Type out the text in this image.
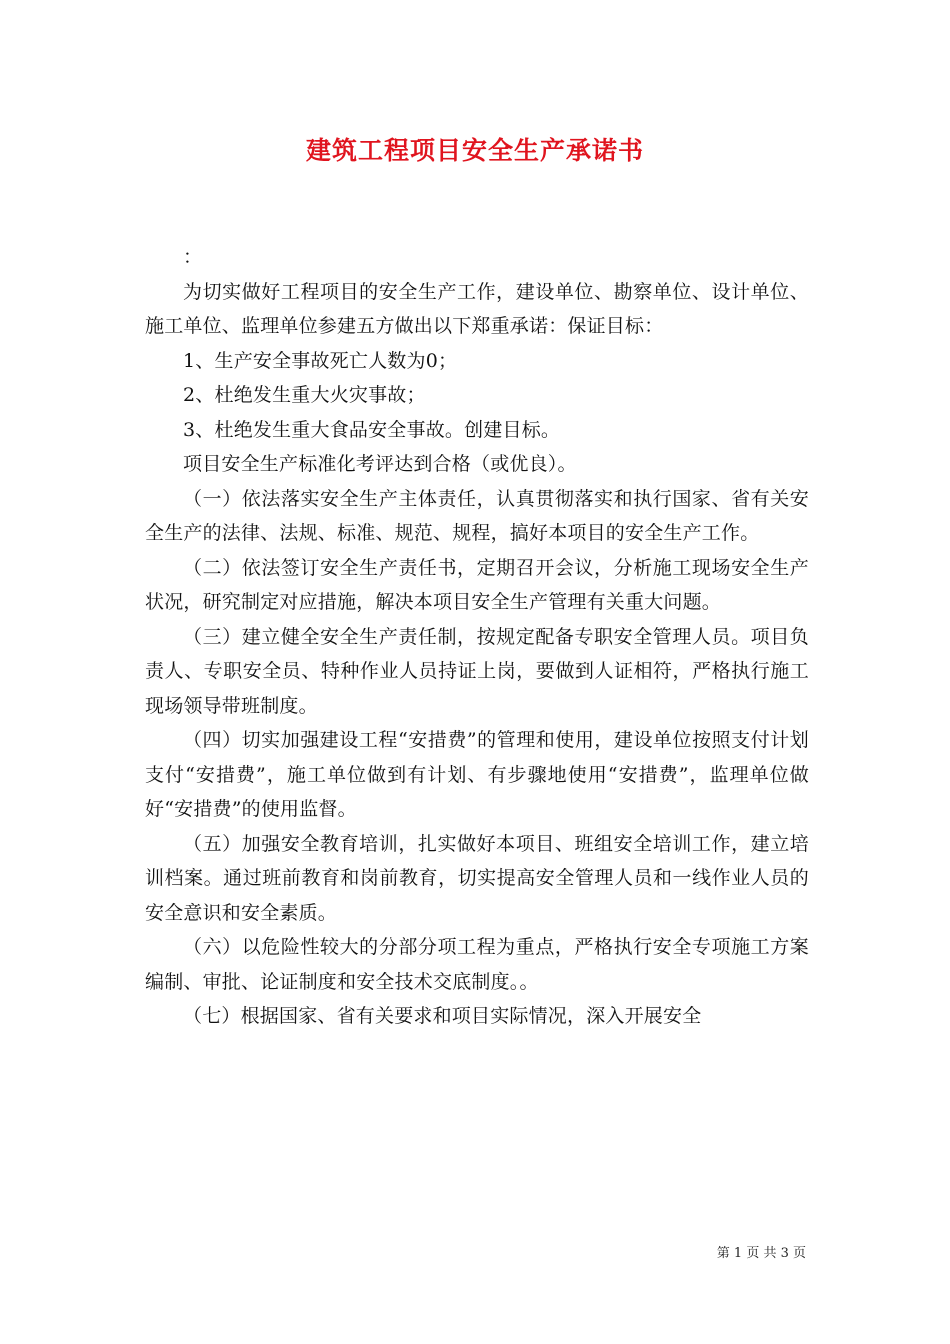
建筑工程项目安全生产承诺书

：

为切实做好工程项目的安全生产工作，建设单位、勘察单位、设计单位、施工单位、监理单位参建五方做出以下郑重承诺：保证目标：

1、生产安全事故死亡人数为0；

2、杜绝发生重大火灾事故；

3、杜绝发生重大食品安全事故。创建目标。

项目安全生产标准化考评达到合格（或优良）。

（一）依法落实安全生产主体责任，认真贯彻落实和执行国家、省有关安全生产的法律、法规、标准、规范、规程，搞好本项目的安全生产工作。

（二）依法签订安全生产责任书，定期召开会议，分析施工现场安全生产状况，研究制定对应措施，解决本项目安全生产管理有关重大问题。

（三）建立健全安全生产责任制，按规定配备专职安全管理人员。项目负责人、专职安全员、特种作业人员持证上岗，要做到人证相符，严格执行施工现场领导带班制度。

（四）切实加强建设工程“安措费”的管理和使用，建设单位按照支付计划支付“安措费”，施工单位做到有计划、有步骤地使用“安措费”，监理单位做好“安措费”的使用监督。

（五）加强安全教育培训，扎实做好本项目、班组安全培训工作，建立培训档案。通过班前教育和岗前教育，切实提高安全管理人员和一线作业人员的安全意识和安全素质。

（六）以危险性较大的分部分项工程为重点，严格执行安全专项施工方案编制、审批、论证制度和安全技术交底制度。。

（七）根据国家、省有关要求和项目实际情况，深入开展安全

第 1 页 共 3 页
